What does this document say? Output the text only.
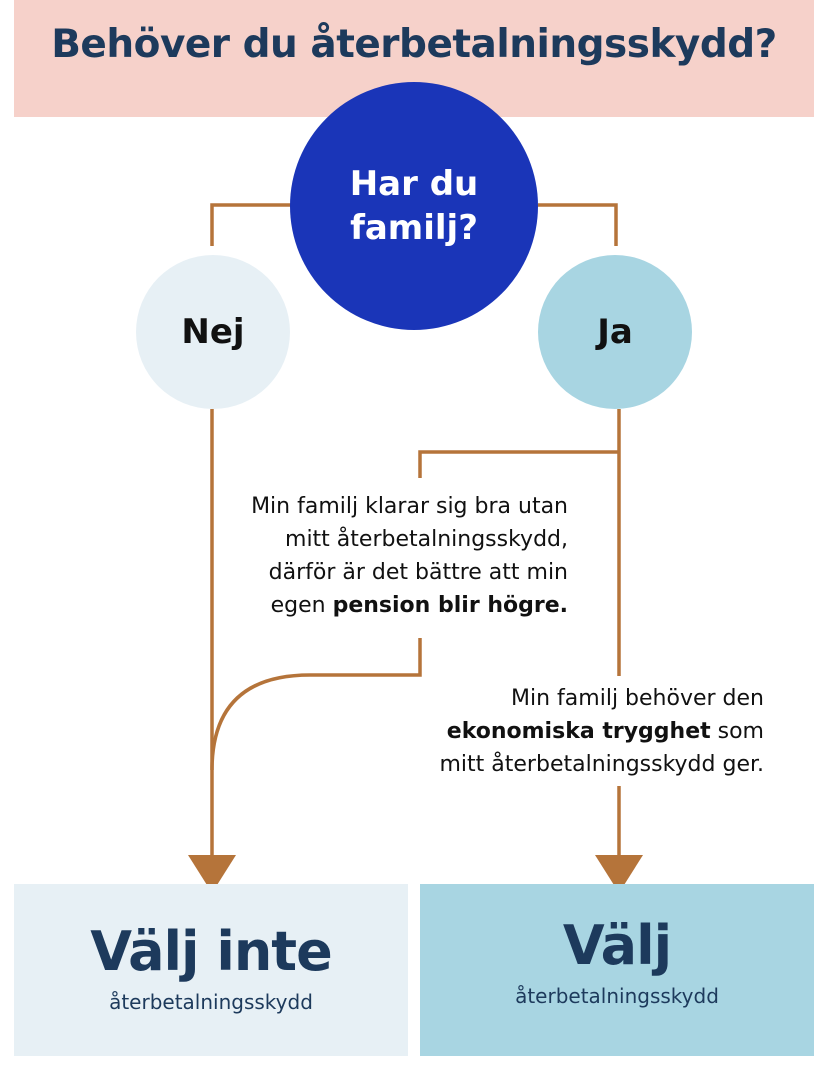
Behöver du återbetalningsskydd?
Har du familj?
Nej	Ja
Min familj klarar sig bra utan
mitt återbetalningsskydd,
därför är det bättre att min
egen pension blir högre.
Min familj behöver den
ekonomiska trygghet som
mitt återbetalningsskydd ger.
Välj inte
återbetalningsskydd
Välj
återbetalningsskydd
